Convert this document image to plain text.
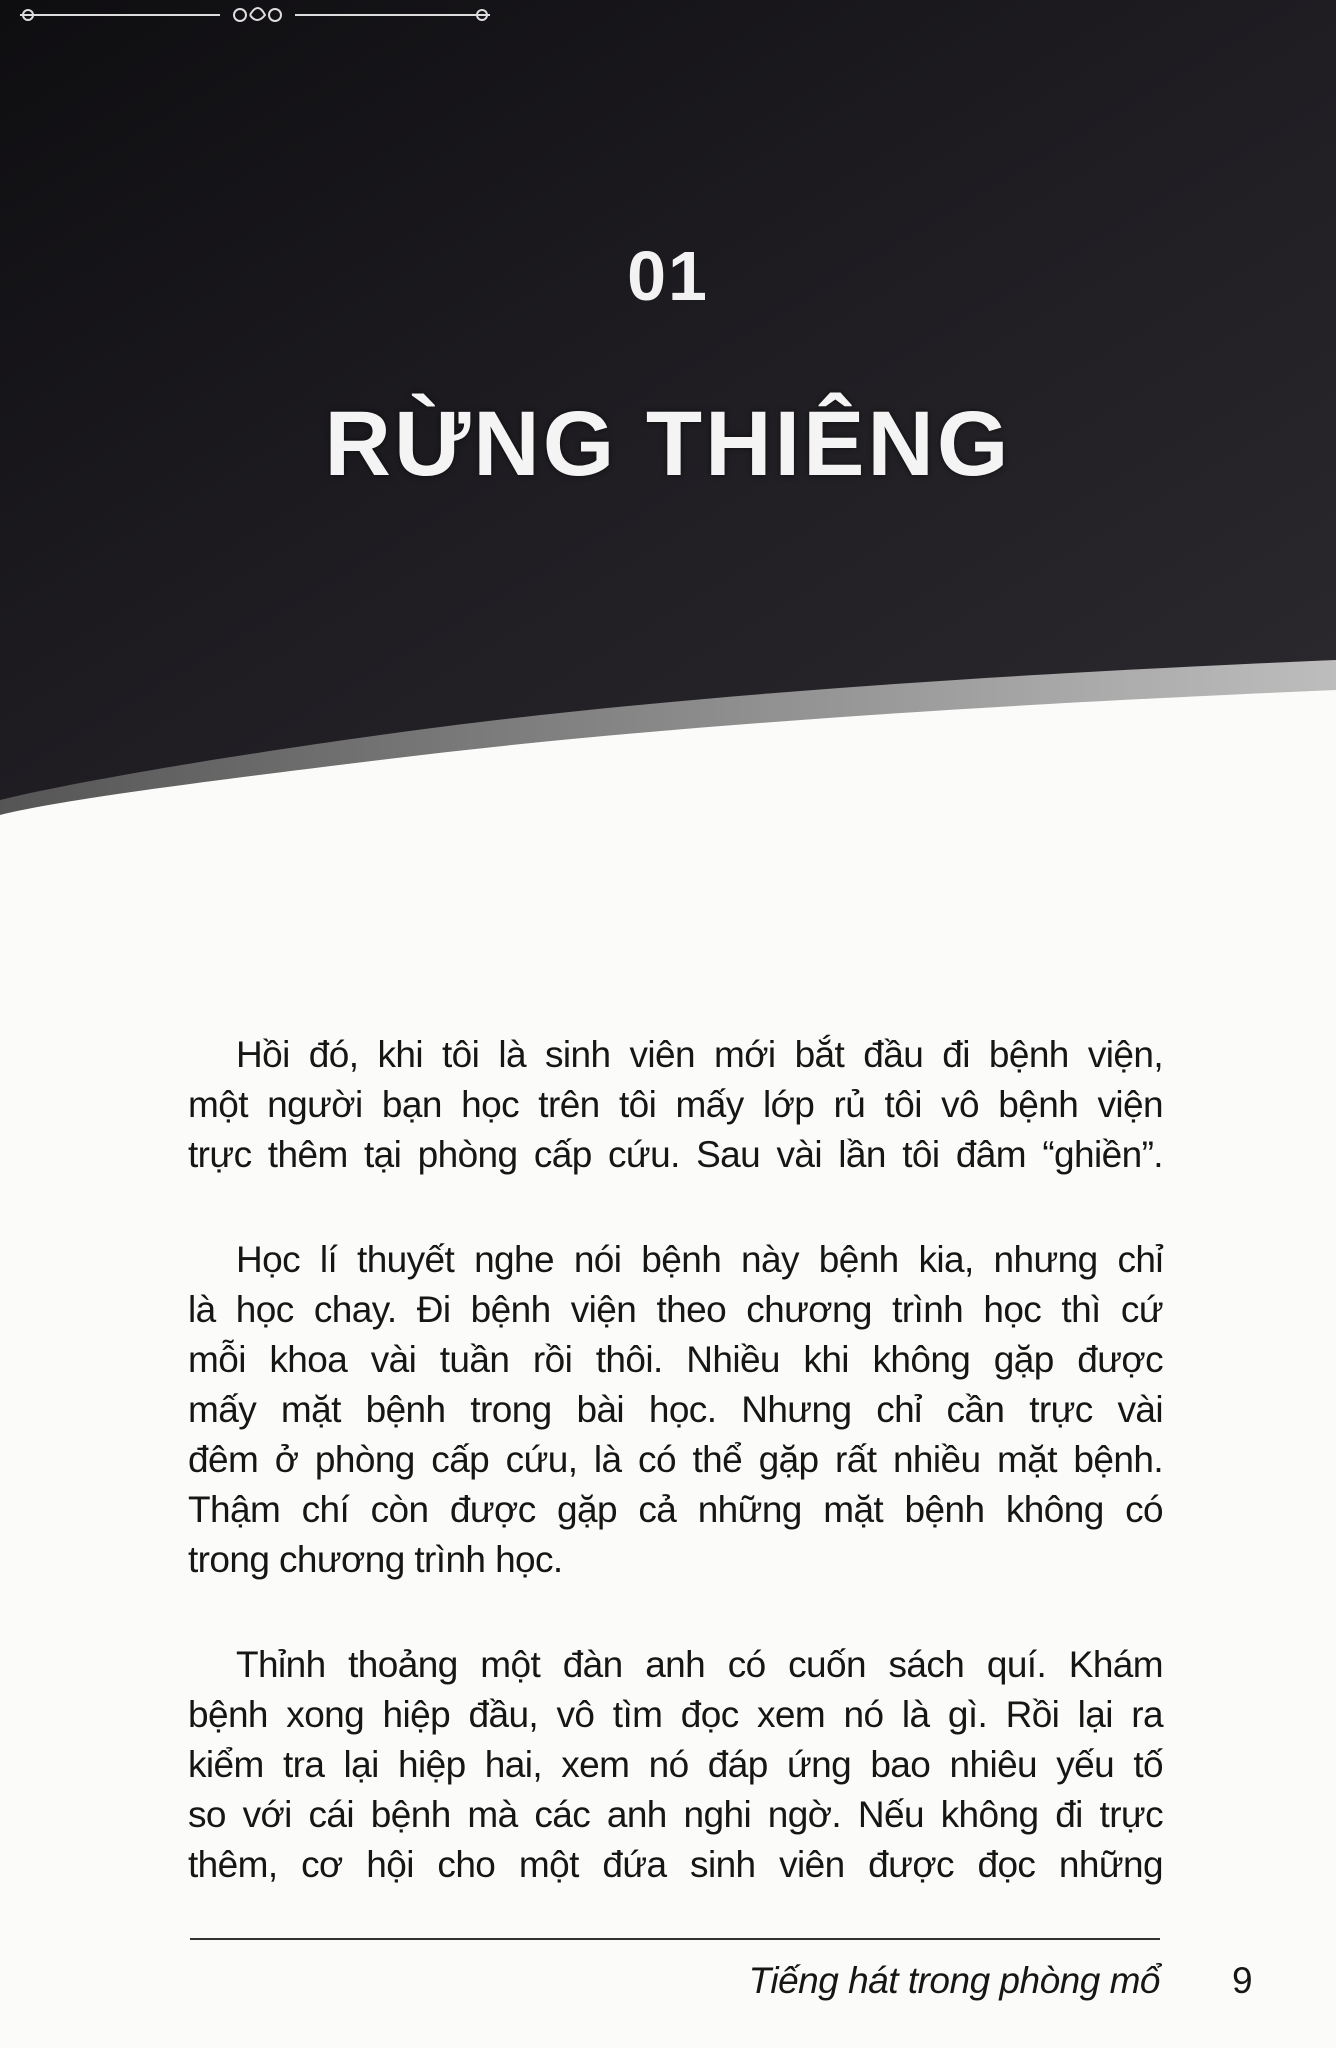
01
RỪNG THIÊNG
Hồi đó, khi tôi là sinh viên mới bắt đầu đi bệnh viện,
một người bạn học trên tôi mấy lớp rủ tôi vô bệnh viện
trực thêm tại phòng cấp cứu. Sau vài lần tôi đâm “ghiền”.
Học lí thuyết nghe nói bệnh này bệnh kia, nhưng chỉ
là học chay. Đi bệnh viện theo chương trình học thì cứ
mỗi khoa vài tuần rồi thôi. Nhiều khi không gặp được
mấy mặt bệnh trong bài học. Nhưng chỉ cần trực vài
đêm ở phòng cấp cứu, là có thể gặp rất nhiều mặt bệnh.
Thậm chí còn được gặp cả những mặt bệnh không có
trong chương trình học.
Thỉnh thoảng một đàn anh có cuốn sách quí. Khám
bệnh xong hiệp đầu, vô tìm đọc xem nó là gì. Rồi lại ra
kiểm tra lại hiệp hai, xem nó đáp ứng bao nhiêu yếu tố
so với cái bệnh mà các anh nghi ngờ. Nếu không đi trực
thêm, cơ hội cho một đứa sinh viên được đọc những
Tiếng hát trong phòng mổ 9
